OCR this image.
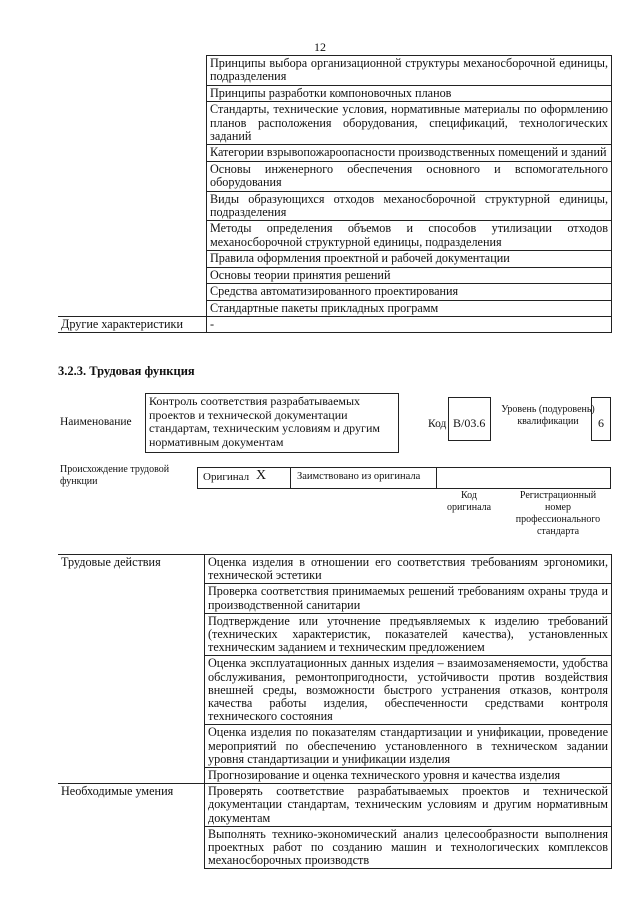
12
	Принципы выбора организационной структуры механосборочной единицы, подразделения
	Принципы разработки компоновочных планов
	Стандарты, технические условия, нормативные материалы по оформлению планов расположения оборудования, спецификаций, технологических заданий
	Категории взрывопожароопасности производственных помещений и зданий
	Основы инженерного обеспечения основного и вспомогательного оборудования
	Виды образующихся отходов механосборочной структурной единицы, подразделения
	Методы определения объемов и способов утилизации отходов механосборочной структурной единицы, подразделения
	Правила оформления проектной и рабочей документации
	Основы теории принятия решений
	Средства автоматизированного проектирования
	Стандартные пакеты прикладных программ
Другие характеристики	-
3.2.3. Трудовая функция
Наименование
Контроль соответствия разрабатываемых проектов и технической документации стандартам, техническим условиям и другим нормативным документам
Код В/03.6
Уровень (подуровень) квалификации	6
Происхождение трудовой функции	Оригинал X	Заимствовано из оригинала
Код оригинала
Регистрационный номер профессионального стандарта
Трудовые действия	Оценка изделия в отношении его соответствия требованиям эргономики, технической эстетики
	Проверка соответствия принимаемых решений требованиям охраны труда и производственной санитарии
	Подтверждение или уточнение предъявляемых к изделию требований (технических характеристик, показателей качества), установленных техническим заданием и техническим предложением
	Оценка эксплуатационных данных изделия – взаимозаменяемости, удобства обслуживания, ремонтопригодности, устойчивости против воздействия внешней среды, возможности быстрого устранения отказов, контроля качества работы изделия, обеспеченности средствами контроля технического состояния
	Оценка изделия по показателям стандартизации и унификации, проведение мероприятий по обеспечению установленного в техническом задании уровня стандартизации и унификации изделия
	Прогнозирование и оценка технического уровня и качества изделия
Необходимые умения	Проверять соответствие разрабатываемых проектов и технической документации стандартам, техническим условиям и другим нормативным документам
	Выполнять технико-экономический анализ целесообразности выполнения проектных работ по созданию машин и технологических комплексов механосборочных производств
